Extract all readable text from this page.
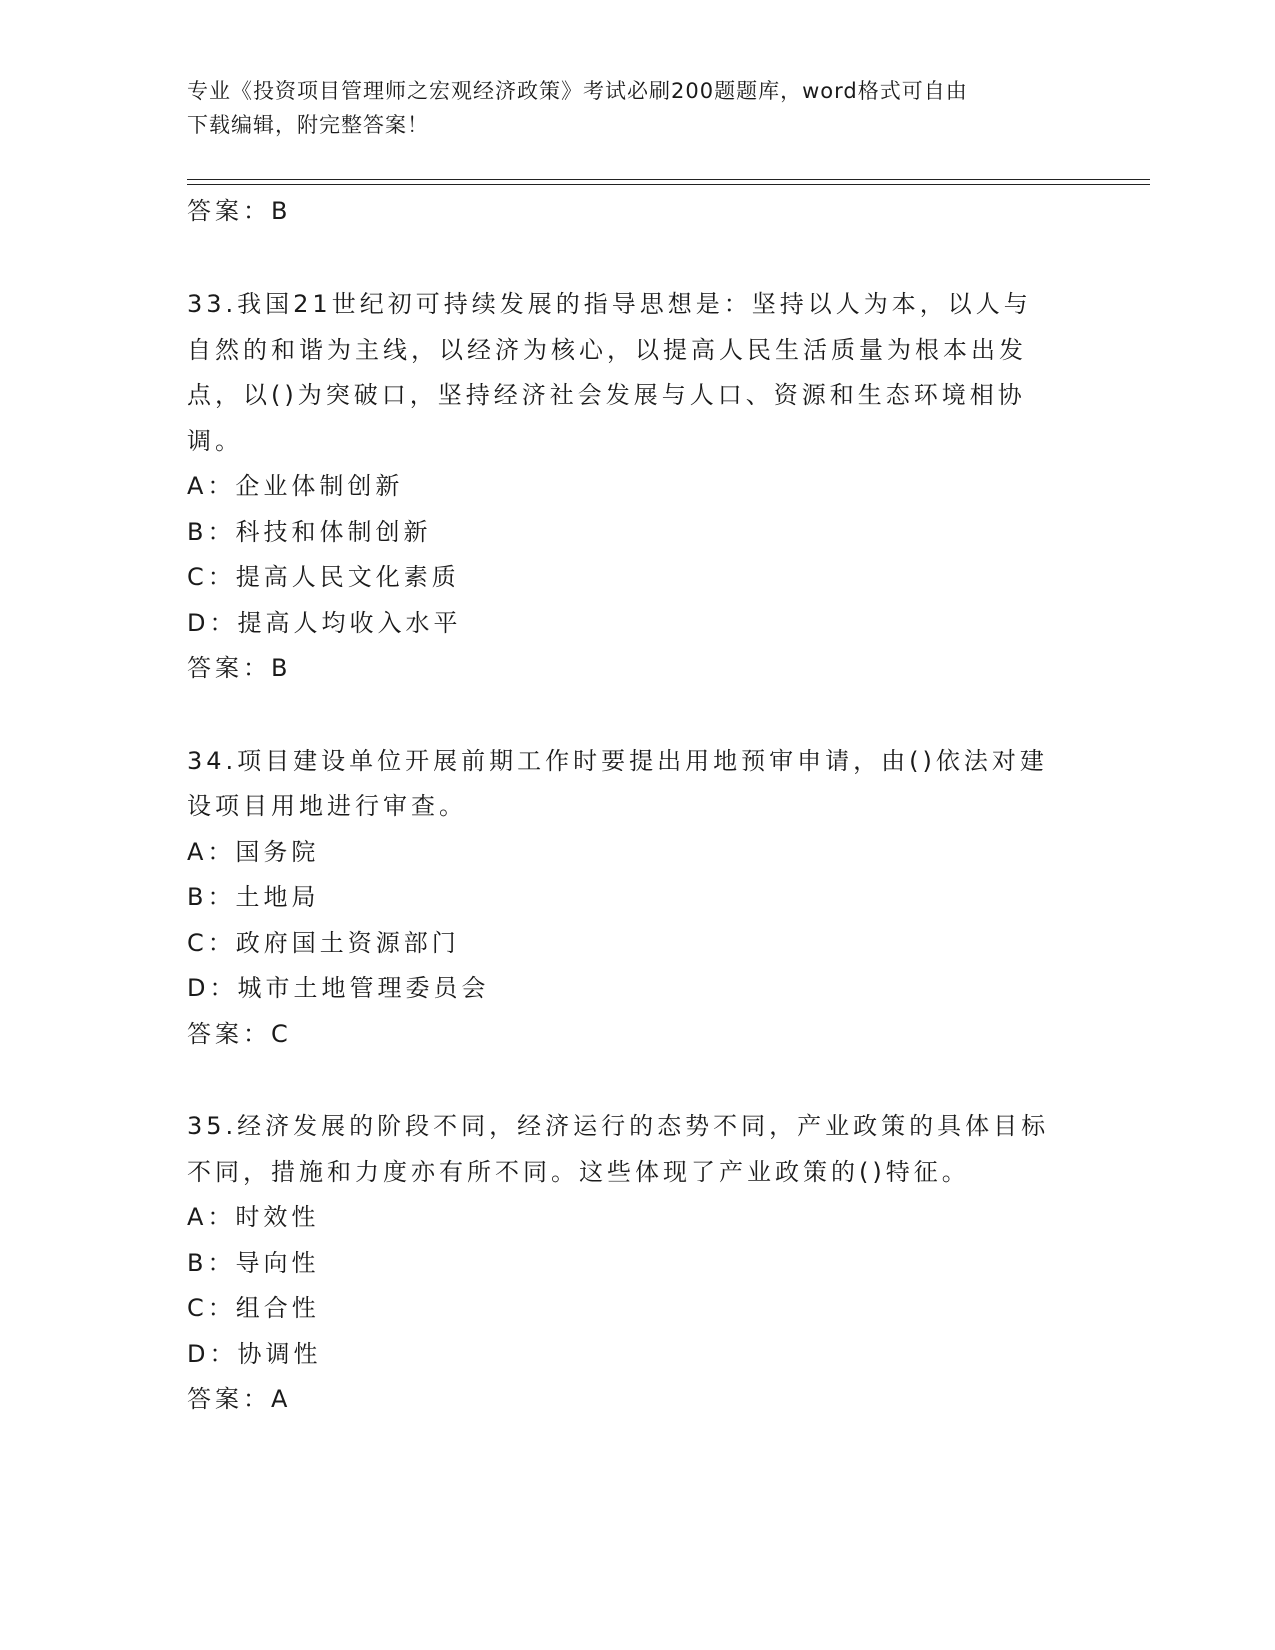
专业《投资项目管理师之宏观经济政策》考试必刷200题题库，word格式可自由
下载编辑，附完整答案！
答案：B
33.我国21世纪初可持续发展的指导思想是：坚持以人为本，以人与
自然的和谐为主线，以经济为核心，以提高人民生活质量为根本出发
点，以()为突破口，坚持经济社会发展与人口、资源和生态环境相协
调。
A：企业体制创新
B：科技和体制创新
C：提高人民文化素质
D：提高人均收入水平
答案：B
34.项目建设单位开展前期工作时要提出用地预审申请，由()依法对建
设项目用地进行审查。
A：国务院
B：土地局
C：政府国土资源部门
D：城市土地管理委员会
答案：C
35.经济发展的阶段不同，经济运行的态势不同，产业政策的具体目标
不同，措施和力度亦有所不同。这些体现了产业政策的()特征。
A：时效性
B：导向性
C：组合性
D：协调性
答案：A
